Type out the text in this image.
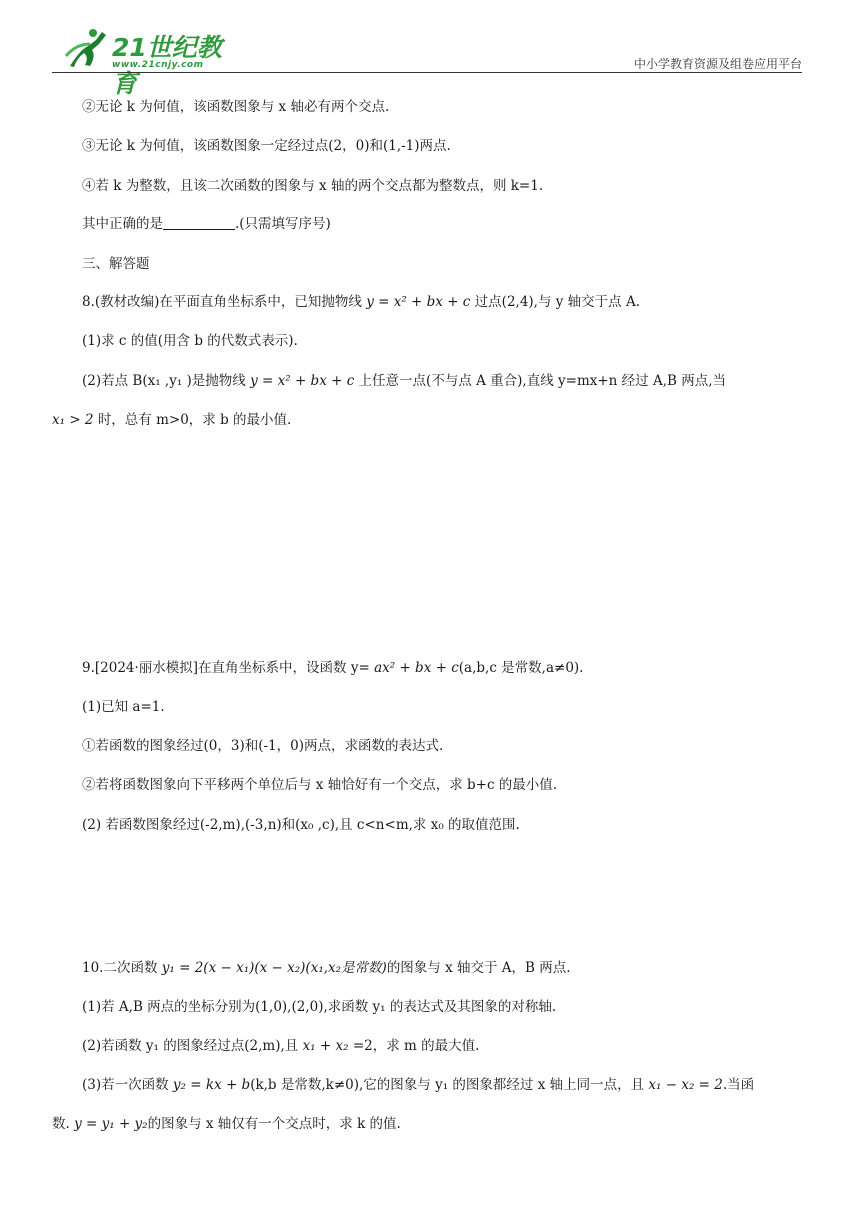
21世纪教育
www.21cnjy.com	中小学教育资源及组卷应用平台
②无论 k 为何值，该函数图象与 x 轴必有两个交点.
③无论 k 为何值，该函数图象一定经过点(2，0)和(1,-1)两点.
④若 k 为整数，且该二次函数的图象与 x 轴的两个交点都为整数点，则 k=1.
其中正确的是	.(只需填写序号)
三、解答题
8.(教材改编)在平面直角坐标系中，已知抛物线 y = x² + bx + c 过点(2,4),与 y 轴交于点 A.
(1)求 c 的值(用含 b 的代数式表示).
(2)若点 B(x₁ ,y₁ )是抛物线 y = x² + bx + c 上任意一点(不与点 A 重合),直线 y=mx+n 经过 A,B 两点,当
x₁ > 2 时，总有 m>0，求 b 的最小值.
9.[2024·丽水模拟]在直角坐标系中，设函数 y= ax² + bx + c(a,b,c 是常数,a≠0).
(1)已知 a=1.
①若函数的图象经过(0，3)和(-1，0)两点，求函数的表达式.
②若将函数图象向下平移两个单位后与 x 轴恰好有一个交点，求 b+c 的最小值.
(2) 若函数图象经过(-2,m),(-3,n)和(x₀ ,c),且 c<n<m,求 x₀ 的取值范围.
10.二次函数 y₁ = 2(x − x₁)(x − x₂)(x₁,x₂是常数)的图象与 x 轴交于 A，B 两点.
(1)若 A,B 两点的坐标分别为(1,0),(2,0),求函数 y₁ 的表达式及其图象的对称轴.
(2)若函数 y₁ 的图象经过点(2,m),且 x₁ + x₂ =2，求 m 的最大值.
(3)若一次函数 y₂ = kx + b(k,b 是常数,k≠0),它的图象与 y₁ 的图象都经过 x 轴上同一点，且 x₁ − x₂ = 2.当函
数. y = y₁ + y₂的图象与 x 轴仅有一个交点时，求 k 的值.
